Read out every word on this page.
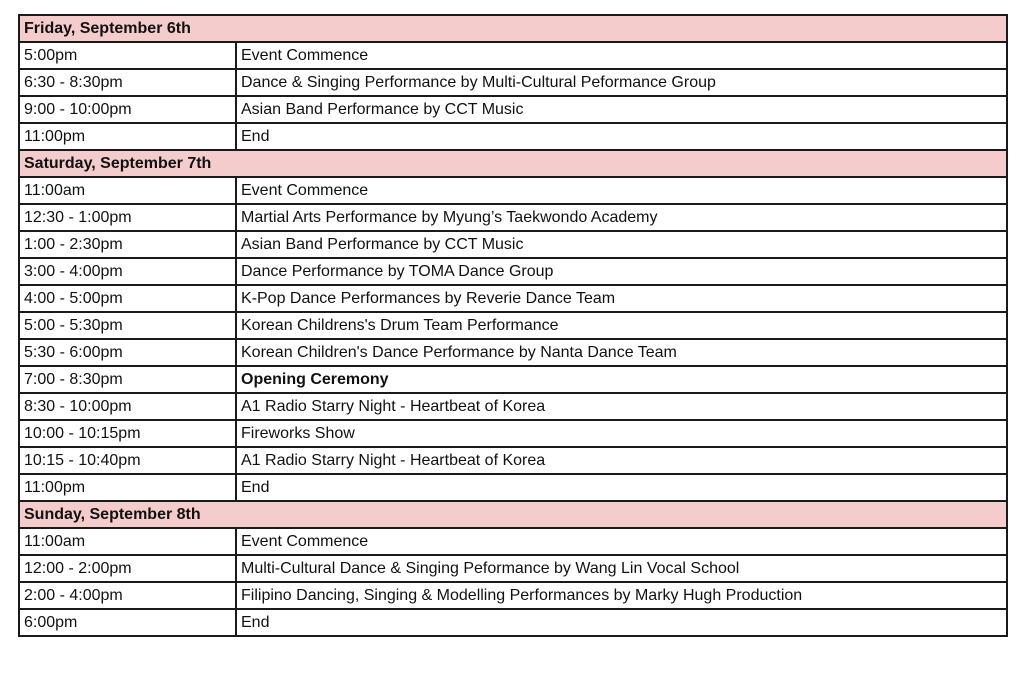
Friday, September 6th	
5:00pm	Event Commence
6:30 - 8:30pm	Dance & Singing Performance by Multi-Cultural Peformance Group
9:00 - 10:00pm	Asian Band Performance by CCT Music
11:00pm	End
Saturday, September 7th	
11:00am	Event Commence
12:30 - 1:00pm	Martial Arts Performance by Myung’s Taekwondo Academy
1:00 - 2:30pm	Asian Band Performance by CCT Music
3:00 - 4:00pm	Dance Performance by TOMA Dance Group
4:00 - 5:00pm	K-Pop Dance Performances by Reverie Dance Team
5:00 - 5:30pm	Korean Childrens's Drum Team Performance
5:30 - 6:00pm	Korean Children's Dance Performance by Nanta Dance Team
7:00 - 8:30pm	Opening Ceremony
8:30 - 10:00pm	A1 Radio Starry Night - Heartbeat of Korea
10:00 - 10:15pm	Fireworks Show
10:15 - 10:40pm	A1 Radio Starry Night - Heartbeat of Korea
11:00pm	End
Sunday, September 8th	
11:00am	Event Commence
12:00 - 2:00pm	Multi-Cultural Dance & Singing Peformance by Wang Lin Vocal School
2:00 - 4:00pm	Filipino Dancing, Singing & Modelling Performances by Marky Hugh Production
6:00pm	End
